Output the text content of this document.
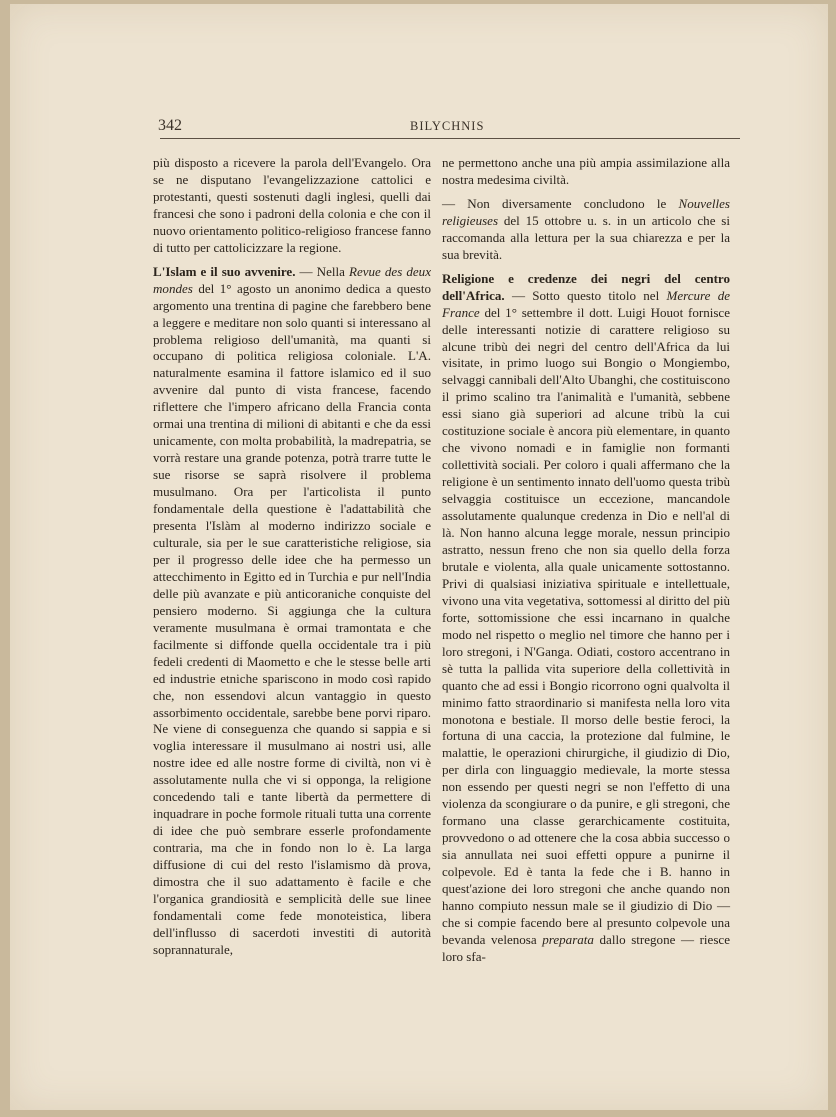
342	BILYCHNIS

più disposto a ricevere la parola dell'Evangelo. Ora se ne disputano l'evangelizzazione cattolici e protestanti, questi sostenuti dagli inglesi, quelli dai francesi che sono i padroni della colonia e che con il nuovo orientamento politico-religioso francese fanno di tutto per cattolicizzare la regione.

L'Islam e il suo avvenire. — Nella Revue des deux mondes del 1° agosto un anonimo dedica a questo argomento una trentina di pagine che farebbero bene a leggere e meditare non solo quanti si interessano al problema religioso dell'umanità, ma quanti si occupano di politica religiosa coloniale. L'A. naturalmente esamina il fattore islamico ed il suo avvenire dal punto di vista francese, facendo riflettere che l'impero africano della Francia conta ormai una trentina di milioni di abitanti e che da essi unicamente, con molta probabilità, la madrepatria, se vorrà restare una grande potenza, potrà trarre tutte le sue risorse se saprà risolvere il problema musulmano. Ora per l'articolista il punto fondamentale della questione è l'adattabilità che presenta l'Islàm al moderno indirizzo sociale e culturale, sia per le sue caratteristiche religiose, sia per il progresso delle idee che ha permesso un attecchimento in Egitto ed in Turchia e pur nell'India delle più avanzate e più anticoraniche conquiste del pensiero moderno. Si aggiunga che la cultura veramente musulmana è ormai tramontata e che facilmente si diffonde quella occidentale tra i più fedeli credenti di Maometto e che le stesse belle arti ed industrie etniche spariscono in modo così rapido che, non essendovi alcun vantaggio in questo assorbimento occidentale, sarebbe bene porvi riparo. Ne viene di conseguenza che quando si sappia e si voglia interessare il musulmano ai nostri usi, alle nostre idee ed alle nostre forme di civiltà, non vi è assolutamente nulla che vi si opponga, la religione concedendo tali e tante libertà da permettere di inquadrare in poche formole rituali tutta una corrente di idee che può sembrare esserle profondamente contraria, ma che in fondo non lo è. La larga diffusione di cui del resto l'islamismo dà prova, dimostra che il suo adattamento è facile e che l'organica grandiosità e semplicità delle sue linee fondamentali come fede monoteistica, libera dell'influsso di sacerdoti investiti di autorità soprannaturale,

ne permettono anche una più ampia assimilazione alla nostra medesima civiltà.

— Non diversamente concludono le Nouvelles religieuses del 15 ottobre u. s. in un articolo che si raccomanda alla lettura per la sua chiarezza e per la sua brevità.

Religione e credenze dei negri del centro dell'Africa. — Sotto questo titolo nel Mercure de France del 1° settembre il dott. Luigi Houot fornisce delle interessanti notizie di carattere religioso su alcune tribù dei negri del centro dell'Africa da lui visitate, in primo luogo sui Bongio o Mongiembo, selvaggi cannibali dell'Alto Ubanghi, che costituiscono il primo scalino tra l'animalità e l'umanità, sebbene essi siano già superiori ad alcune tribù la cui costituzione sociale è ancora più elementare, in quanto che vivono nomadi e in famiglie non formanti collettività sociali. Per coloro i quali affermano che la religione è un sentimento innato dell'uomo questa tribù selvaggia costituisce un eccezione, mancandole assolutamente qualunque credenza in Dio e nell'al di là. Non hanno alcuna legge morale, nessun principio astratto, nessun freno che non sia quello della forza brutale e violenta, alla quale unicamente sottostanno. Privi di qualsiasi iniziativa spirituale e intellettuale, vivono una vita vegetativa, sottomessi al diritto del più forte, sottomissione che essi incarnano in qualche modo nel rispetto o meglio nel timore che hanno per i loro stregoni, i N'Ganga. Odiati, costoro accentrano in sè tutta la pallida vita superiore della collettività in quanto che ad essi i Bongio ricorrono ogni qualvolta il minimo fatto straordinario si manifesta nella loro vita monotona e bestiale. Il morso delle bestie feroci, la fortuna di una caccia, la protezione dal fulmine, le malattie, le operazioni chirurgiche, il giudizio di Dio, per dirla con linguaggio medievale, la morte stessa non essendo per questi negri se non l'effetto di una violenza da scongiurare o da punire, e gli stregoni, che formano una classe gerarchicamente costituita, provvedono o ad ottenere che la cosa abbia successo o sia annullata nei suoi effetti oppure a punirne il colpevole. Ed è tanta la fede che i B. hanno in quest'azione dei loro stregoni che anche quando non hanno compiuto nessun male se il giudizio di Dio — che si compie facendo bere al presunto colpevole una bevanda velenosa preparata dallo stregone — riesce loro sfa-
